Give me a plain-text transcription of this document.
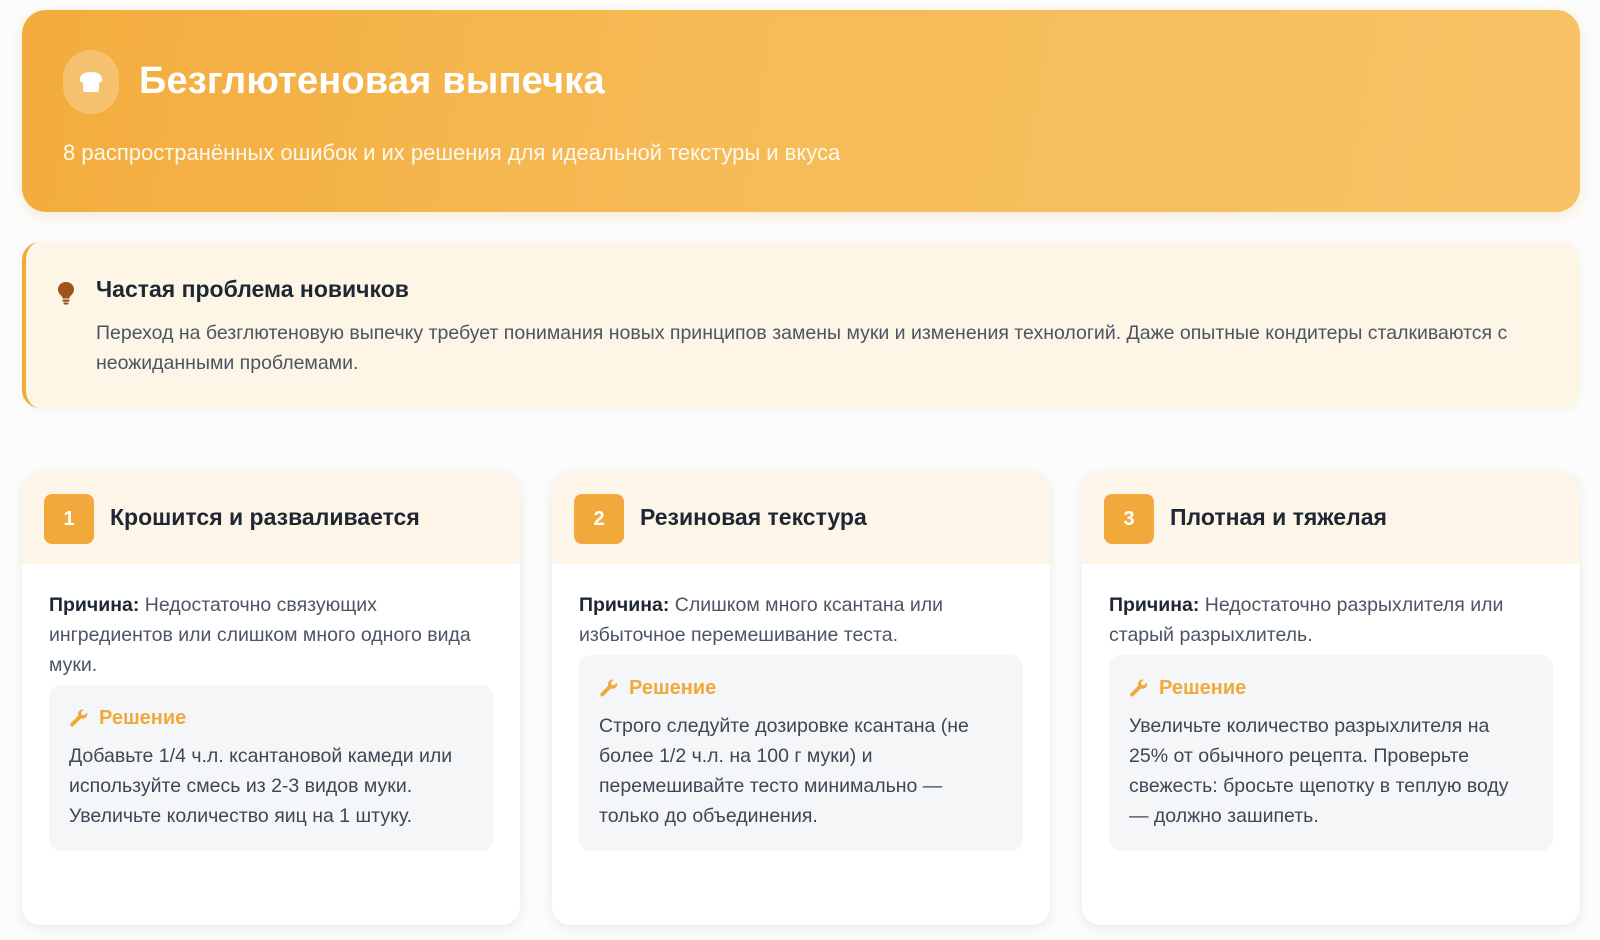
Безглютеновая выпечка
8 распространённых ошибок и их решения для идеальной текстуры и вкуса
Частая проблема новичков
Переход на безглютеновую выпечку требует понимания новых принципов замены муки и изменения технологий. Даже опытные кондитеры сталкиваются с неожиданными проблемами.
1	Крошится и разваливается
Причина: Недостаточно связующих ингредиентов или слишком много одного вида муки.
Решение
Добавьте 1/4 ч.л. ксантановой камеди или используйте смесь из 2-3 видов муки. Увеличьте количество яиц на 1 штуку.
2	Резиновая текстура
Причина: Слишком много ксантана или избыточное перемешивание теста.
Решение
Строго следуйте дозировке ксантана (не более 1/2 ч.л. на 100 г муки) и перемешивайте тесто минимально — только до объединения.
3	Плотная и тяжелая
Причина: Недостаточно разрыхлителя или старый разрыхлитель.
Решение
Увеличьте количество разрыхлителя на 25% от обычного рецепта. Проверьте свежесть: бросьте щепотку в теплую воду — должно зашипеть.
